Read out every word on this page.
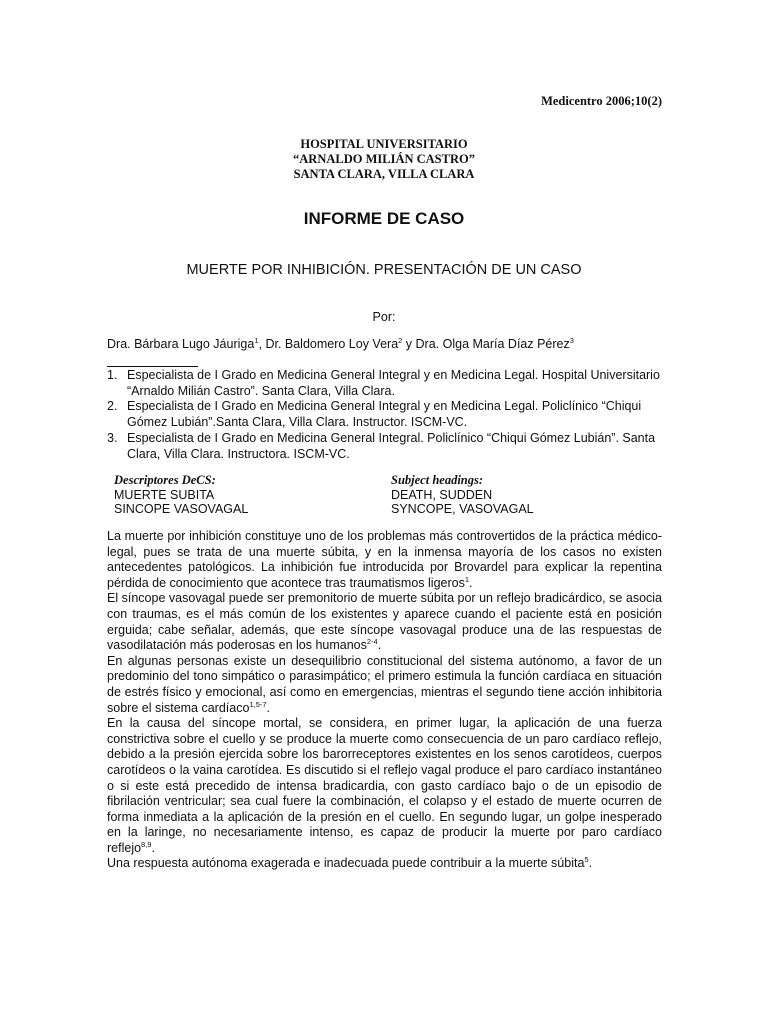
Medicentro 2006;10(2)
HOSPITAL UNIVERSITARIO
“ARNALDO MILIÁN CASTRO”
SANTA CLARA, VILLA CLARA
INFORME DE CASO
MUERTE POR INHIBICIÓN. PRESENTACIÓN DE UN CASO
Por:
Dra. Bárbara Lugo Jáuriga$^1$, Dr. Baldomero Loy Vera$^2$ y Dra. Olga María Díaz Pérez$^3$
1. Especialista de I Grado en Medicina General Integral y en Medicina Legal. Hospital Universitario “Arnaldo Milián Castro”. Santa Clara, Villa Clara.
2. Especialista de I Grado en Medicina General Integral y en Medicina Legal. Policlínico “Chiqui Gómez Lubián”.Santa Clara, Villa Clara. Instructor. ISCM-VC.
3. Especialista de I Grado en Medicina General Integral. Policlínico “Chiqui Gómez Lubián”. Santa Clara, Villa Clara. Instructora. ISCM-VC.
Descriptores DeCS:
MUERTE SUBITA
SINCOPE VASOVAGAL
Subject headings:
DEATH, SUDDEN
SYNCOPE, VASOVAGAL

La muerte por inhibición constituye uno de los problemas más controvertidos de la práctica médico-legal, pues se trata de una muerte súbita, y en la inmensa mayoría de los casos no existen antecedentes patológicos. La inhibición fue introducida por Brovardel para explicar la repentina pérdida de conocimiento que acontece tras traumatismos ligeros$^1$.

El síncope vasovagal puede ser premonitorio de muerte súbita por un reflejo bradicárdico, se asocia con traumas, es el más común de los existentes y aparece cuando el paciente está en posición erguida; cabe señalar, además, que este síncope vasovagal produce una de las respuestas de vasodilatación más poderosas en los humanos$^{2-4}$.

En algunas personas existe un desequilibrio constitucional del sistema autónomo, a favor de un predominio del tono simpático o parasimpático; el primero estimula la función cardíaca en situación de estrés físico y emocional, así como en emergencias, mientras el segundo tiene acción inhibitoria sobre el sistema cardíaco$^{1,5-7}$.

En la causa del síncope mortal, se considera, en primer lugar, la aplicación de una fuerza constrictiva sobre el cuello y se produce la muerte como consecuencia de un paro cardíaco reflejo, debido a la presión ejercida sobre los barorreceptores existentes en los senos carotídeos, cuerpos carotídeos o la vaina carotídea. Es discutido si el reflejo vagal produce el paro cardíaco instantáneo o si este está precedido de intensa bradicardia, con gasto cardíaco bajo o de un episodio de fibrilación ventricular; sea cual fuere la combinación, el colapso y el estado de muerte ocurren de forma inmediata a la aplicación de la presión en el cuello. En segundo lugar, un golpe inesperado en la laringe, no necesariamente intenso, es capaz de producir la muerte por paro cardíaco reflejo$^{8,9}$.

Una respuesta autónoma exagerada e inadecuada puede contribuir a la muerte súbita$^5$.
